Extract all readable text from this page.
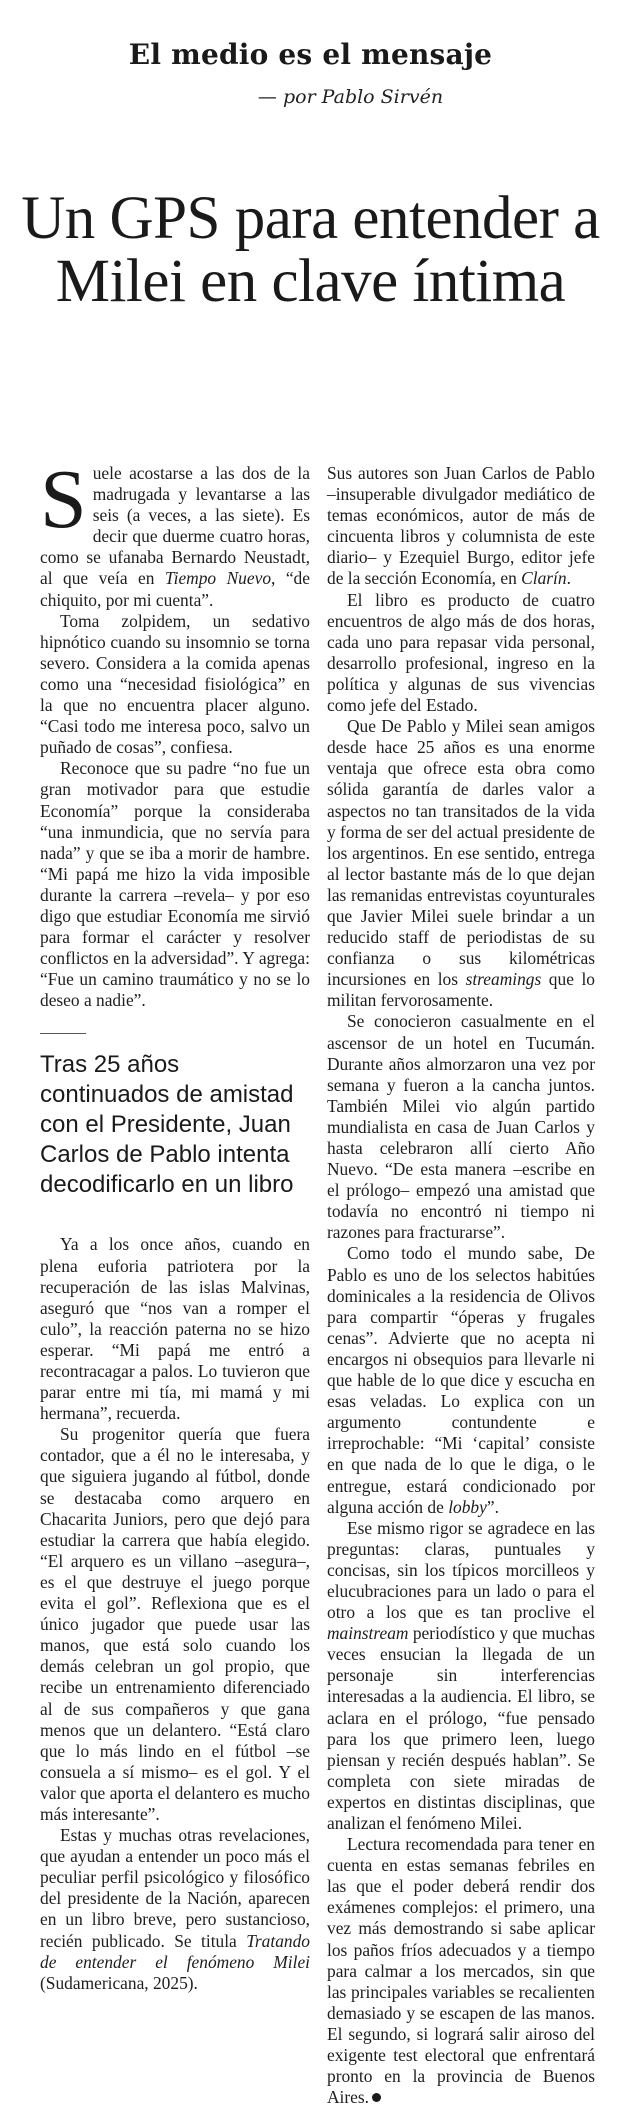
El medio es el mensaje
— por Pablo Sirvén
Un GPS para entender a Milei en clave íntima

Suele acostarse a las dos de la madrugada y levantarse a las seis (a veces, a las siete). Es decir que duerme cuatro horas, como se ufanaba Bernardo Neustadt, al que veía en Tiempo Nuevo, “de chiquito, por mi cuenta”.

Toma zolpidem, un sedativo hipnótico cuando su insomnio se torna severo. Considera a la comida apenas como una “necesidad fisiológica” en la que no encuentra placer alguno. “Casi todo me interesa poco, salvo un puñado de cosas”, confiesa.

Reconoce que su padre “no fue un gran motivador para que estudie Economía” porque la consideraba “una inmundicia, que no servía para nada” y que se iba a morir de hambre. “Mi papá me hizo la vida imposible durante la carrera –revela– y por eso digo que estudiar Economía me sirvió para formar el carácter y resolver conflictos en la adversidad”. Y agrega: “Fue un camino traumático y no se lo deseo a nadie”.

Tras 25 años continuados de amistad con el Presidente, Juan Carlos de Pablo intenta decodificarlo en un libro

Ya a los once años, cuando en plena euforia patriotera por la recuperación de las islas Malvinas, aseguró que “nos van a romper el culo”, la reacción paterna no se hizo esperar. “Mi papá me entró a recontracagar a palos. Lo tuvieron que parar entre mi tía, mi mamá y mi hermana”, recuerda.

Su progenitor quería que fuera contador, que a él no le interesaba, y que siguiera jugando al fútbol, donde se destacaba como arquero en Chacarita Juniors, pero que dejó para estudiar la carrera que había elegido. “El arquero es un villano –asegura–, es el que destruye el juego porque evita el gol”. Reflexiona que es el único jugador que puede usar las manos, que está solo cuando los demás celebran un gol propio, que recibe un entrenamiento diferenciado al de sus compañeros y que gana menos que un delantero. “Está claro que lo más lindo en el fútbol –se consuela a sí mismo– es el gol. Y el valor que aporta el delantero es mucho más interesante”.

Estas y muchas otras revelaciones, que ayudan a entender un poco más el peculiar perfil psicológico y filosófico del presidente de la Nación, aparecen en un libro breve, pero sustancioso, recién publicado. Se titula Tratando de entender el fenómeno Milei (Sudamericana, 2025).

Sus autores son Juan Carlos de Pablo –insuperable divulgador mediático de temas económicos, autor de más de cincuenta libros y columnista de este diario– y Ezequiel Burgo, editor jefe de la sección Economía, en Clarín.

El libro es producto de cuatro encuentros de algo más de dos horas, cada uno para repasar vida personal, desarrollo profesional, ingreso en la política y algunas de sus vivencias como jefe del Estado.

Que De Pablo y Milei sean amigos desde hace 25 años es una enorme ventaja que ofrece esta obra como sólida garantía de darles valor a aspectos no tan transitados de la vida y forma de ser del actual presidente de los argentinos. En ese sentido, entrega al lector bastante más de lo que dejan las remanidas entrevistas coyunturales que Javier Milei suele brindar a un reducido staff de periodistas de su confianza o sus kilométricas incursiones en los streamings que lo militan fervorosamente.

Se conocieron casualmente en el ascensor de un hotel en Tucumán. Durante años almorzaron una vez por semana y fueron a la cancha juntos. También Milei vio algún partido mundialista en casa de Juan Carlos y hasta celebraron allí cierto Año Nuevo. “De esta manera –escribe en el prólogo– empezó una amistad que todavía no encontró ni tiempo ni razones para fracturarse”.

Como todo el mundo sabe, De Pablo es uno de los selectos habitúes dominicales a la residencia de Olivos para compartir “óperas y frugales cenas”. Advierte que no acepta ni encargos ni obsequios para llevarle ni que hable de lo que dice y escucha en esas veladas. Lo explica con un argumento contundente e irreprochable: “Mi ‘capital’ consiste en que nada de lo que le diga, o le entregue, estará condicionado por alguna acción de lobby”.

Ese mismo rigor se agradece en las preguntas: claras, puntuales y concisas, sin los típicos morcilleos y elucubraciones para un lado o para el otro a los que es tan proclive el mainstream periodístico y que muchas veces ensucian la llegada de un personaje sin interferencias interesadas a la audiencia. El libro, se aclara en el prólogo, “fue pensado para los que primero leen, luego piensan y recién después hablan”. Se completa con siete miradas de expertos en distintas disciplinas, que analizan el fenómeno Milei.

Lectura recomendada para tener en cuenta en estas semanas febriles en las que el poder deberá rendir dos exámenes complejos: el primero, una vez más demostrando si sabe aplicar los paños fríos adecuados y a tiempo para calmar a los mercados, sin que las principales variables se recalienten demasiado y se escapen de las manos. El segundo, si logrará salir airoso del exigente test electoral que enfrentará pronto en la provincia de Buenos Aires.
